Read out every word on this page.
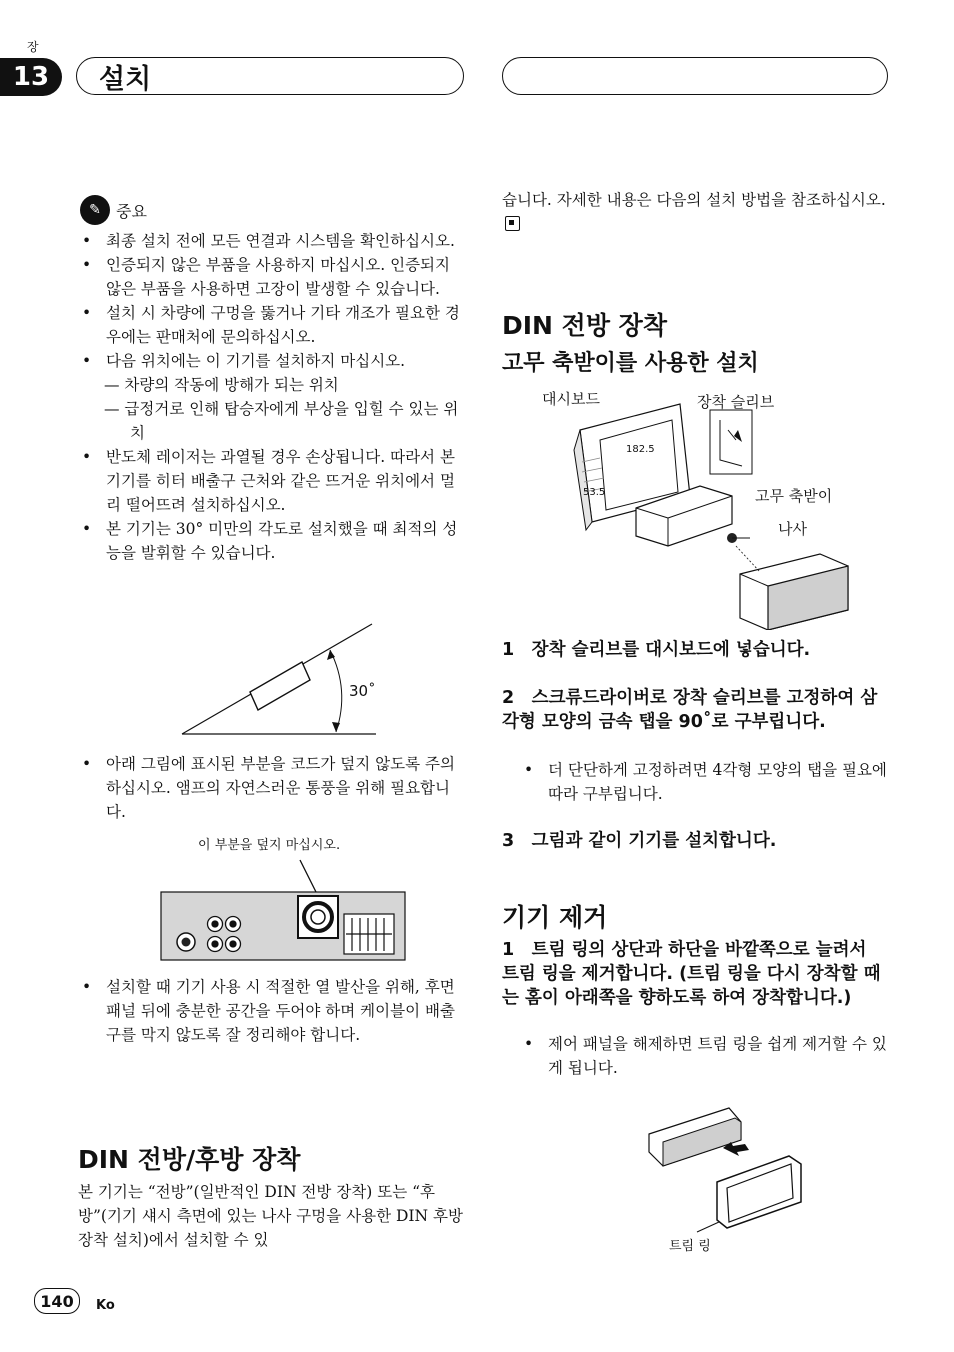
장
13	설치
✎ 중요
• 최종 설치 전에 모든 연결과 시스템을 확인하십시오.
• 인증되지 않은 부품을 사용하지 마십시오. 인증되지 않은 부품을 사용하면 고장이 발생할 수 있습니다.
• 설치 시 차량에 구멍을 뚫거나 기타 개조가 필요한 경우에는 판매처에 문의하십시오.
• 다음 위치에는 이 기기를 설치하지 마십시오.
— 차량의 작동에 방해가 되는 위치
— 급정거로 인해 탑승자에게 부상을 입힐 수 있는 위치
• 반도체 레이저는 과열될 경우 손상됩니다. 따라서 본 기기를 히터 배출구 근처와 같은 뜨거운 위치에서 멀리 떨어뜨려 설치하십시오.
• 본 기기는 30° 미만의 각도로 설치했을 때 최적의 성능을 발휘할 수 있습니다.
30˚
• 아래 그림에 표시된 부분을 코드가 덮지 않도록 주의하십시오. 앰프의 자연스러운 통풍을 위해 필요합니다.
이 부분을 덮지 마십시오.
• 설치할 때 기기 사용 시 적절한 열 발산을 위해, 후면 패널 뒤에 충분한 공간을 두어야 하며 케이블이 배출구를 막지 않도록 잘 정리해야 합니다.
DIN 전방/후방 장착
본 기기는 “전방”(일반적인 DIN 전방 장착) 또는 “후방”(기기 섀시 측면에 있는 나사 구멍을 사용한 DIN 후방 장착 설치)에서 설치할 수 있
습니다. 자세한 내용은 다음의 설치 방법을 참조하십시오.
DIN 전방 장착
고무 축받이를 사용한 설치
대시보드	장착 슬리브
182.5
53.5	고무 축받이
나사
1　장착 슬리브를 대시보드에 넣습니다.
2　스크류드라이버로 장착 슬리브를 고정하여 삼각형 모양의 금속 탭을 90˚로 구부립니다.
• 더 단단하게 고정하려면 4각형 모양의 탭을 필요에 따라 구부립니다.
3　그림과 같이 기기를 설치합니다.
기기 제거
1　트림 링의 상단과 하단을 바깥쪽으로 늘려서 트림 링을 제거합니다. (트림 링을 다시 장착할 때는 홈이 아래쪽을 향하도록 하여 장착합니다.)
• 제어 패널을 해제하면 트림 링을 쉽게 제거할 수 있게 됩니다.
트림 링
140	Ko
